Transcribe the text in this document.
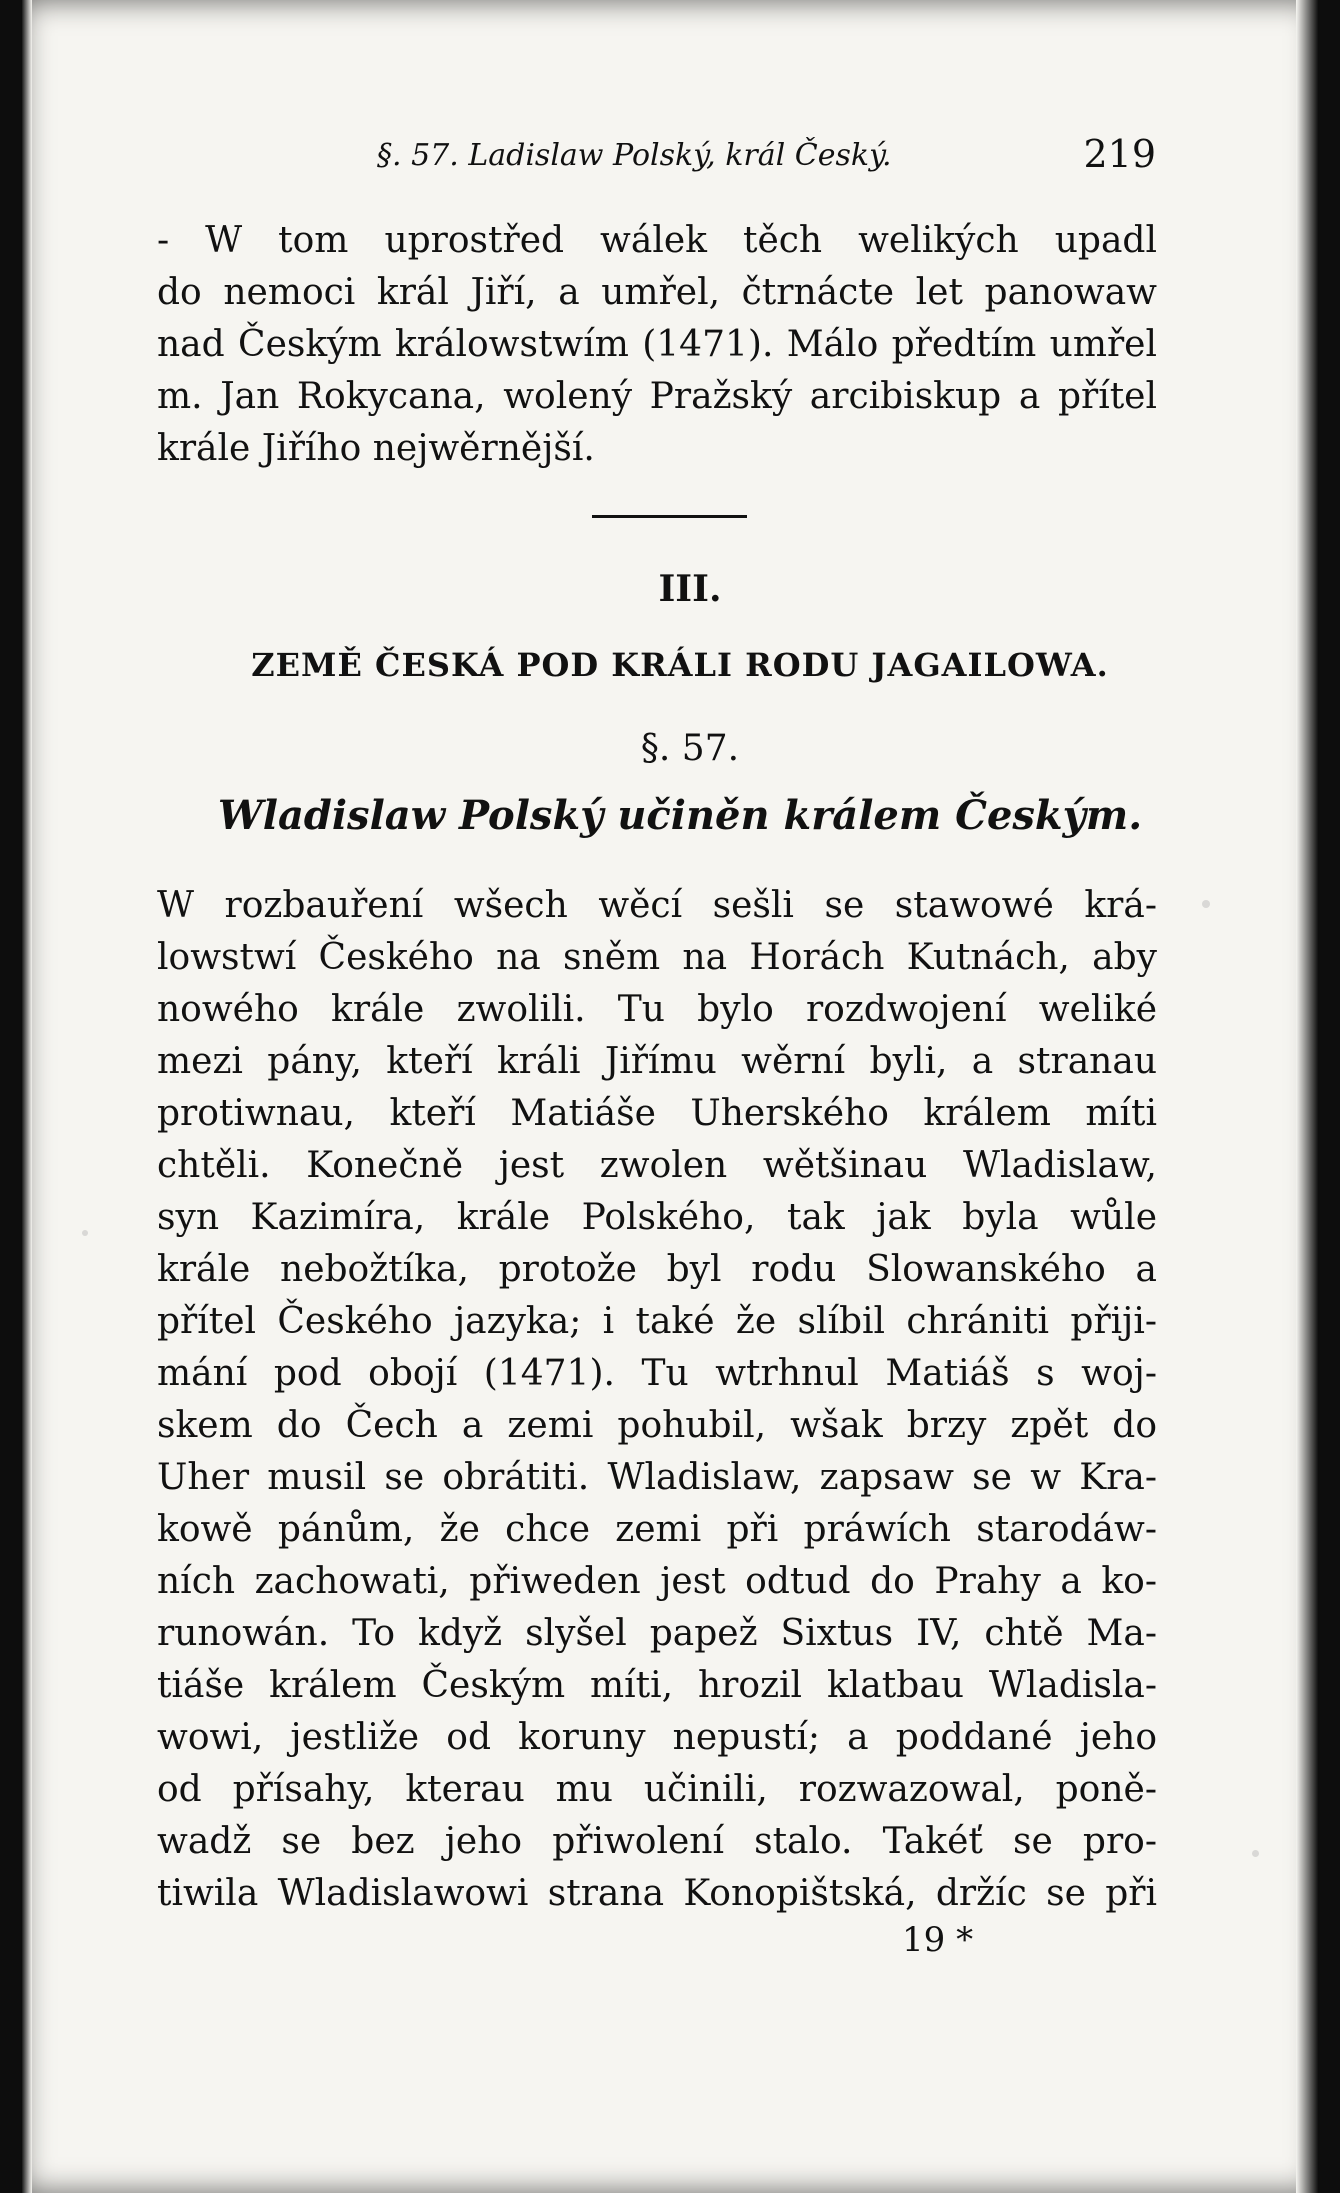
§. 57. Ladislaw Polský, král Český.	219
- W tom uprostřed wálek těch welikých upadl
do nemoci král Jiří, a umřel, čtrnácte let panowaw
nad Českým králowstwím (1471). Málo předtím umřel
m. Jan Rokycana, wolený Pražský arcibiskup a přítel
krále Jiřího nejwěrnější.
III.
ZEMĚ ČESKÁ POD KRÁLI RODU JAGAILOWA.
§. 57.
Wladislaw Polský učiněn králem Českým.
W rozbauření wšech wěcí sešli se stawowé krá-
lowstwí Českého na sněm na Horách Kutnách, aby
nowého krále zwolili. Tu bylo rozdwojení weliké
mezi pány, kteří králi Jiřímu wěrní byli, a stranau
protiwnau, kteří Matiáše Uherského králem míti
chtěli. Konečně jest zwolen wětšinau Wladislaw,
syn Kazimíra, krále Polského, tak jak byla wůle
krále nebožtíka, protože byl rodu Slowanského a
přítel Českého jazyka; i také že slíbil chrániti přiji-
mání pod obojí (1471). Tu wtrhnul Matiáš s woj-
skem do Čech a zemi pohubil, wšak brzy zpět do
Uher musil se obrátiti. Wladislaw, zapsaw se w Kra-
kowě pánům, že chce zemi při práwích starodáw-
ních zachowati, přiweden jest odtud do Prahy a ko-
runowán. To když slyšel papež Sixtus IV, chtě Ma-
tiáše králem Českým míti, hrozil klatbau Wladisla-
wowi, jestliže od koruny nepustí; a poddané jeho
od přísahy, kterau mu učinili, rozwazowal, poně-
wadž se bez jeho přiwolení stalo. Takéť se pro-
tiwila Wladislawowi strana Konopištská, držíc se při
19 *
